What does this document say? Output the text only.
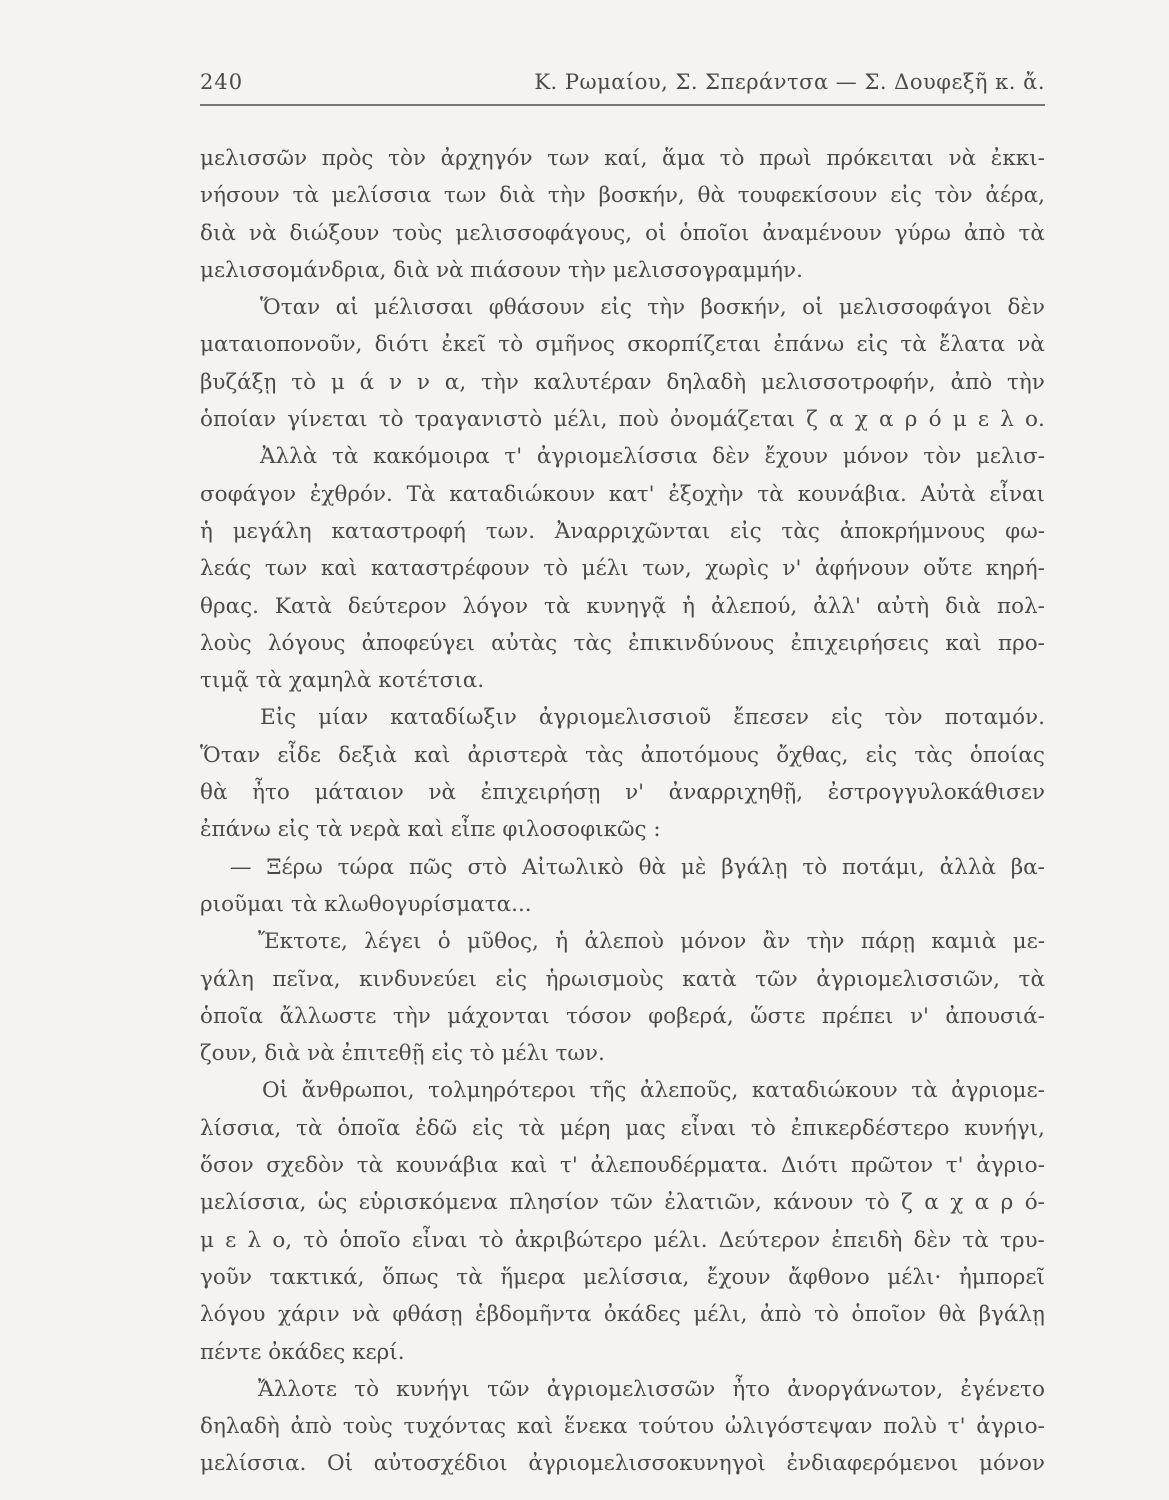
240	Κ. Ρωμαίου, Σ. Σπεράντσα — Σ. Δουφεξῆ κ. ἄ.
μελισσῶν πρὸς τὸν ἀρχηγόν των καί, ἅμα τὸ πρωὶ πρόκειται νὰ ἐκκι-
νήσουν τὰ μελίσσια των διὰ τὴν βοσκήν, θὰ τουφεκίσουν εἰς τὸν ἀέρα,
διὰ νὰ διώξουν τοὺς μελισσοφάγους, οἱ ὁποῖοι ἀναμένουν γύρω ἀπὸ τὰ
μελισσομάνδρια, διὰ νὰ πιάσουν τὴν μελισσογραμμήν.
Ὅταν αἱ μέλισσαι φθάσουν εἰς τὴν βοσκήν, οἱ μελισσοφάγοι δὲν
ματαιοπονοῦν, διότι ἐκεῖ τὸ σμῆνος σκορπίζεται ἐπάνω εἰς τὰ ἔλατα νὰ
βυζάξῃ τὸ μ ά ν ν α, τὴν καλυτέραν δηλαδὴ μελισσοτροφήν, ἀπὸ τὴν
ὁποίαν γίνεται τὸ τραγανιστὸ μέλι, ποὺ ὀνομάζεται ζ α χ α ρ ό μ ε λ ο.
Ἀλλὰ τὰ κακόμοιρα τ' ἀγριομελίσσια δὲν ἔχουν μόνον τὸν μελισ-
σοφάγον ἐχθρόν. Τὰ καταδιώκουν κατ' ἐξοχὴν τὰ κουνάβια. Αὐτὰ εἶναι
ἡ μεγάλη καταστροφή των. Ἀναρριχῶνται εἰς τὰς ἀποκρήμνους φω-
λεάς των καὶ καταστρέφουν τὸ μέλι των, χωρὶς ν' ἀφήνουν οὔτε κηρή-
θρας. Κατὰ δεύτερον λόγον τὰ κυνηγᾷ ἡ ἀλεπού, ἀλλ' αὐτὴ διὰ πολ-
λοὺς λόγους ἀποφεύγει αὐτὰς τὰς ἐπικινδύνους ἐπιχειρήσεις καὶ προ-
τιμᾷ τὰ χαμηλὰ κοτέτσια.
Εἰς μίαν καταδίωξιν ἀγριομελισσιοῦ ἔπεσεν εἰς τὸν ποταμόν.
Ὅταν εἶδε δεξιὰ καὶ ἀριστερὰ τὰς ἀποτόμους ὄχθας, εἰς τὰς ὁποίας
θὰ ἦτο μάταιον νὰ ἐπιχειρήσῃ ν' ἀναρριχηθῇ, ἐστρογγυλοκάθισεν
ἐπάνω εἰς τὰ νερὰ καὶ εἶπε φιλοσοφικῶς :
— Ξέρω τώρα πῶς στὸ Αἰτωλικὸ θὰ μὲ βγάλῃ τὸ ποτάμι, ἀλλὰ βα-
ριοῦμαι τὰ κλωθογυρίσματα...
Ἔκτοτε, λέγει ὁ μῦθος, ἡ ἀλεποὺ μόνον ἂν τὴν πάρῃ καμιὰ με-
γάλη πεῖνα, κινδυνεύει εἰς ἡρωισμοὺς κατὰ τῶν ἀγριομελισσιῶν, τὰ
ὁποῖα ἄλλωστε τὴν μάχονται τόσον φοβερά, ὥστε πρέπει ν' ἀπουσιά-
ζουν, διὰ νὰ ἐπιτεθῇ εἰς τὸ μέλι των.
Οἱ ἄνθρωποι, τολμηρότεροι τῆς ἀλεποῦς, καταδιώκουν τὰ ἀγριομε-
λίσσια, τὰ ὁποῖα ἐδῶ εἰς τὰ μέρη μας εἶναι τὸ ἐπικερδέστερο κυνήγι,
ὅσον σχεδὸν τὰ κουνάβια καὶ τ' ἀλεπουδέρματα. Διότι πρῶτον τ' ἀγριο-
μελίσσια, ὡς εὑρισκόμενα πλησίον τῶν ἐλατιῶν, κάνουν τὸ ζ α χ α ρ ό-
μ ε λ ο, τὸ ὁποῖο εἶναι τὸ ἀκριβώτερο μέλι. Δεύτερον ἐπειδὴ δὲν τὰ τρυ-
γοῦν τακτικά, ὅπως τὰ ἥμερα μελίσσια, ἔχουν ἄφθονο μέλι· ἠμπορεῖ
λόγου χάριν νὰ φθάσῃ ἑβδομῆντα ὀκάδες μέλι, ἀπὸ τὸ ὁποῖον θὰ βγάλῃ
πέντε ὀκάδες κερί.
Ἄλλοτε τὸ κυνήγι τῶν ἀγριομελισσῶν ἦτο ἀνοργάνωτον, ἐγένετο
δηλαδὴ ἀπὸ τοὺς τυχόντας καὶ ἕνεκα τούτου ὠλιγόστεψαν πολὺ τ' ἀγριο-
μελίσσια. Οἱ αὐτοσχέδιοι ἀγριομελισσοκυνηγοὶ ἐνδιαφερόμενοι μόνον
